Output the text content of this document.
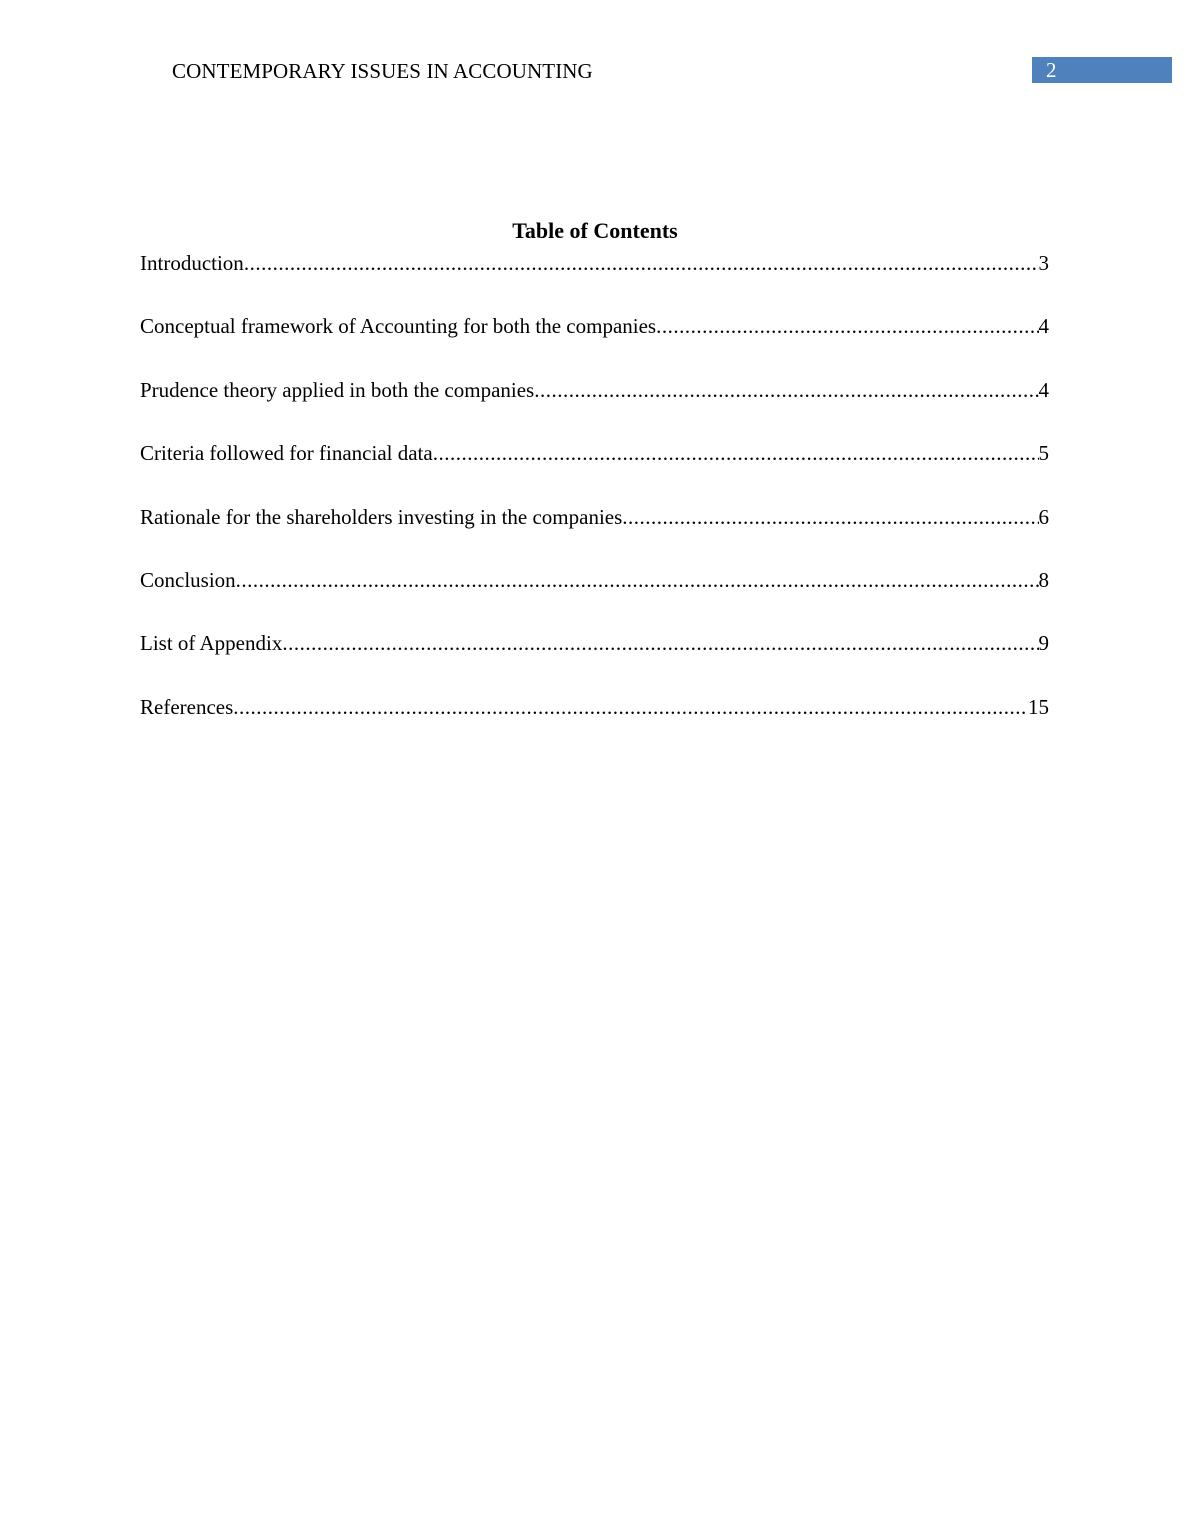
CONTEMPORARY ISSUES IN ACCOUNTING	2
Table of Contents
Introduction .....	3
Conceptual framework of Accounting for both the companies .....	4
Prudence theory applied in both the companies .....	4
Criteria followed for financial data .....	5
Rationale for the shareholders investing in the companies .....	6
Conclusion .....	8
List of Appendix .....	9
References .....	15
